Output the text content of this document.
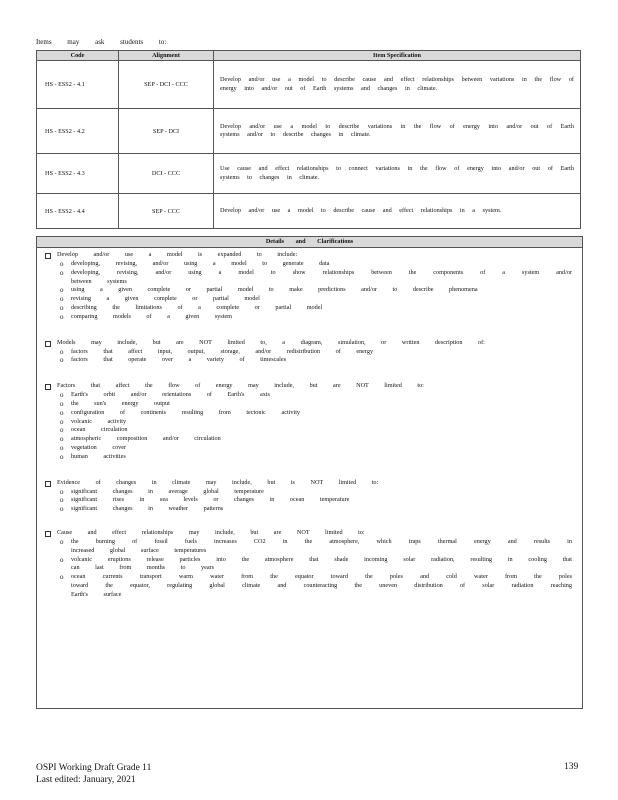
Items may ask students to:
Code	Alignment	Item Specification
HS - ESS2 - 4.1	SEP - DCI - CCC	Develop and/or use a model to describe cause and effect relationships between variations in the flow of energy into and/or out of Earth systems and changes in climate.
HS - ESS2 - 4.2	SEP - DCI	Develop and/or use a model to describe variations in the flow of energy into and/or out of Earth systems and/or to describe changes in climate.
HS - ESS2 - 4.3	DCI - CCC	Use cause and effect relationships to connect variations in the flow of energy into and/or out of Earth systems to changes in climate.
HS - ESS2 - 4.4	SEP - CCC	Develop and/or use a model to describe cause and effect relationships in a system.
Details and Clarifications
Develop and/or use a model is expanded to include:
o developing, revising, and/or using a model to generate data
o developing, revising, and/or using a model to show relationships between the components of a system and/or between systems
o using a given complete or partial model to make predictions and/or to describe phenomena
o revising a given complete or partial model
o describing the limitations of a complete or partial model
o comparing models of a given system
Models may include, but are NOT limited to, a diagram, simulation, or written description of:
o factors that affect input, output, storage, and/or redistribution of energy
o factors that operate over a variety of timescales
Factors that affect the flow of energy may include, but are NOT limited to:
o Earth's orbit and/or orientations of Earth's axis
o the sun's energy output
o configuration of continents resulting from tectonic activity
o volcanic activity
o ocean circulation
o atmospheric composition and/or circulation
o vegetation cover
o human activities
Evidence of changes in climate may include, but is NOT limited to:
o significant changes in average global temperature
o significant rises in sea levels or changes in ocean temperature
o significant changes in weather patterns
Cause and effect relationships may include, but are NOT limited to:
o the burning of fossil fuels increases CO2 in the atmosphere, which traps thermal energy and results in increased global surface temperatures
o volcanic eruptions release particles into the atmosphere that shade incoming solar radiation, resulting in cooling that can last from months to years
o ocean currents transport warm water from the equator toward the poles and cold water from the poles toward the equator, regulating global climate and counteracting the uneven distribution of solar radiation reaching Earth's surface
OSPI Working Draft Grade 11
Last edited: January, 2021
139
